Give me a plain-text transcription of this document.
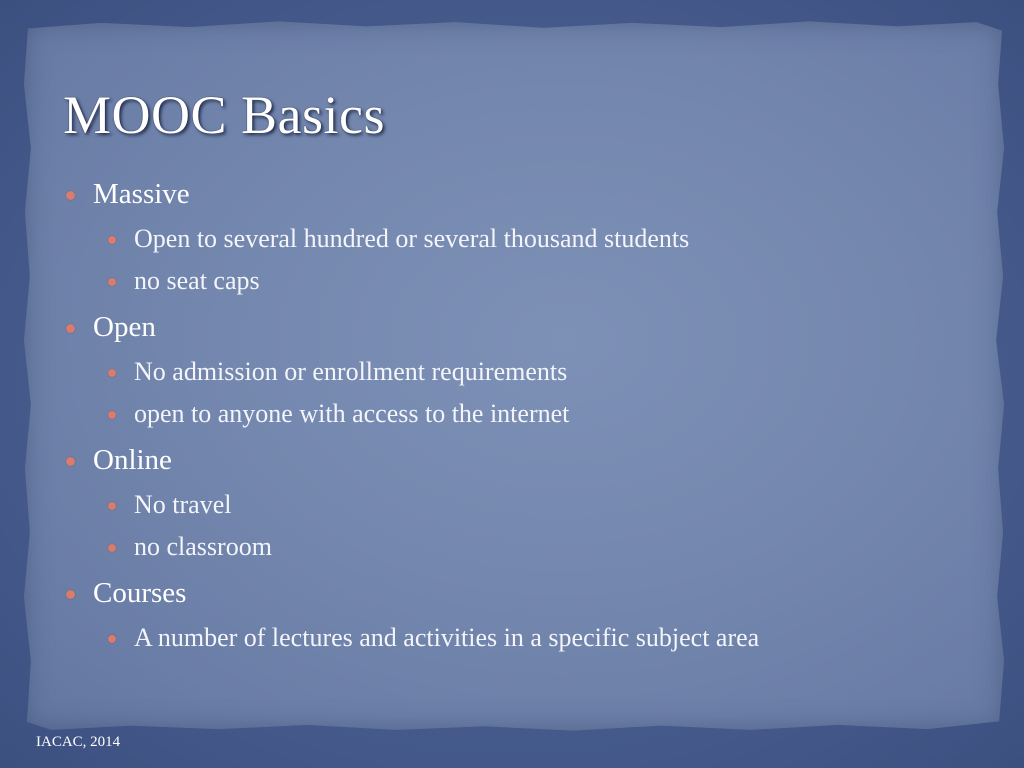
MOOC Basics
Massive
Open to several hundred or several thousand students
no seat caps
Open
No admission or enrollment requirements
open to anyone with access to the internet
Online
No travel
no classroom
Courses
A number of lectures and activities in a specific subject area
IACAC, 2014
